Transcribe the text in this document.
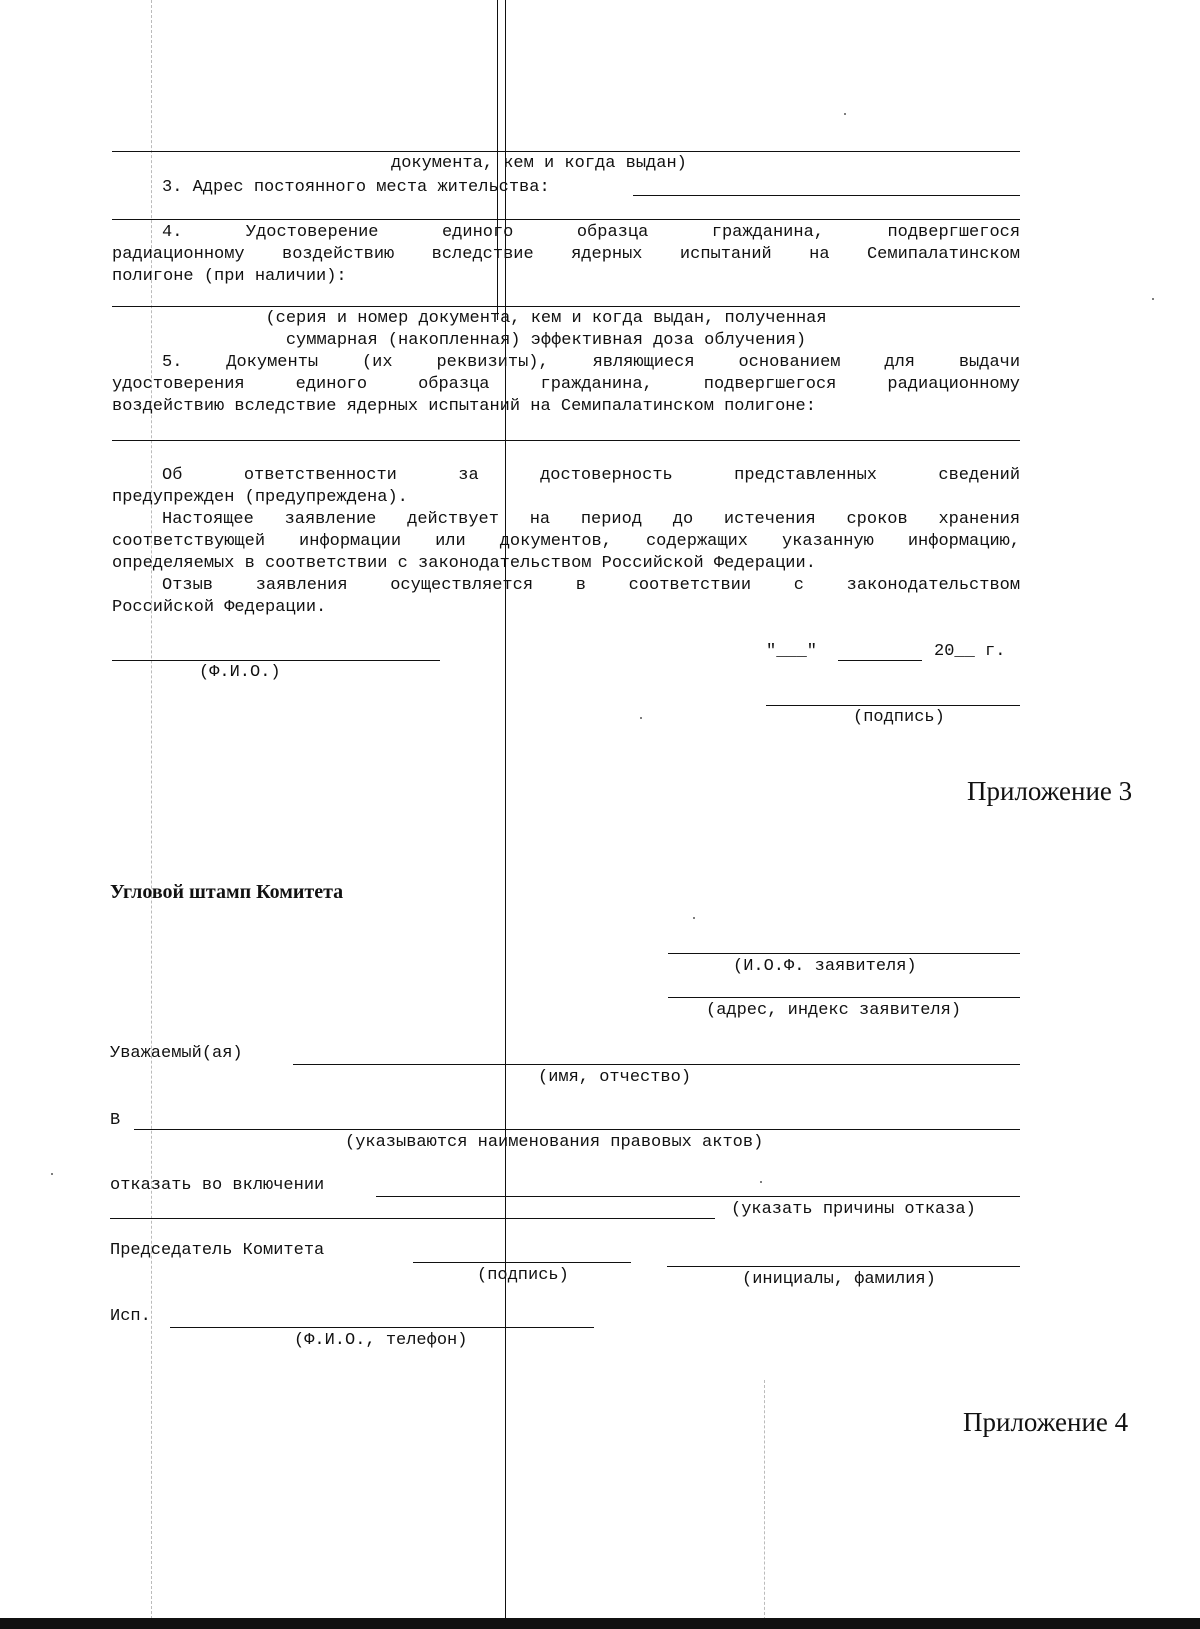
документа, кем и когда выдан)
3. Адрес постоянного места жительства:
4.	Удостоверение	единого	образца	гражданина,	подвергшегося
радиационному воздействию вследствие ядерных испытаний на Семипалатинском
полигоне (при наличии):
(серия и номер документа, кем и когда выдан, полученная
суммарная (накопленная) эффективная доза облучения)
5.	Документы	(их	реквизиты),	являющиеся	основанием	для	выдачи
удостоверения	единого	образца	гражданина,	подвергшегося	радиационному
воздействию вследствие ядерных испытаний на Семипалатинском полигоне:
Об	ответственности	за	достоверность	представленных	сведений
предупрежден (предупреждена).
Настоящее заявление действует на период до истечения сроков хранения
соответствующей информации или документов, содержащих указанную информацию,
определяемых в соответствии с законодательством Российской Федерации.
Отзыв	заявления	осуществляется	в	соответствии	с	законодательством
Российской Федерации.
(Ф.И.О.)
"___"	20__ г.
(подпись)
Приложение 3
Угловой штамп Комитета
(И.О.Ф. заявителя)
(адрес, индекс заявителя)
Уважаемый(ая)
(имя, отчество)
В
(указываются наименования правовых актов)
отказать во включении
(указать причины отказа)
Председатель Комитета
(подпись)	(инициалы, фамилия)
Исп.
(Ф.И.О., телефон)
Приложение 4
